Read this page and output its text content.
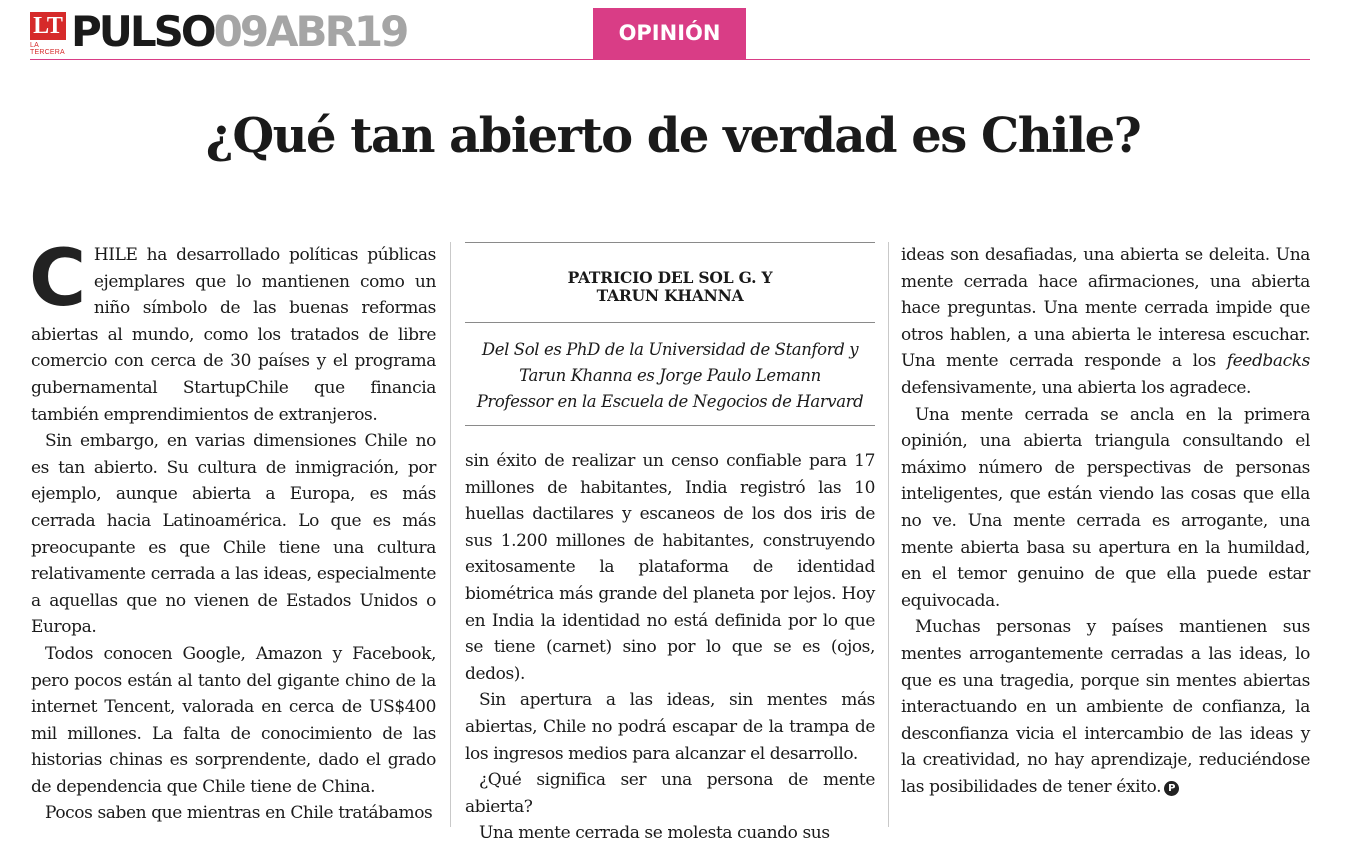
LT
LA TERCERA PULSO09ABR19	OPINIÓN
¿Qué tan abierto de verdad es Chile?

CHILE ha desarrollado políticas públicas ejemplares que lo mantienen como un niño símbolo de las buenas reformas abiertas al mundo, como los tratados de libre comercio con cerca de 30 países y el programa gubernamental StartupChile que financia también emprendimientos de extranjeros.

Sin embargo, en varias dimensiones Chile no es tan abierto. Su cultura de inmigración, por ejemplo, aunque abierta a Europa, es más cerrada hacia Latinoamérica. Lo que es más preocupante es que Chile tiene una cultura relativamente cerrada a las ideas, especialmente a aquellas que no vienen de Estados Unidos o Europa.

Todos conocen Google, Amazon y Facebook, pero pocos están al tanto del gigante chino de la internet Tencent, valorada en cerca de US$400 mil millones. La falta de conocimiento de las historias chinas es sorprendente, dado el grado de dependencia que Chile tiene de China.

Pocos saben que mientras en Chile tratábamos

PATRICIO DEL SOL G. Y
TARUN KHANNA
Del Sol es PhD de la Universidad de Stanford y
Tarun Khanna es Jorge Paulo Lemann
Professor en la Escuela de Negocios de Harvard

sin éxito de realizar un censo confiable para 17 millones de habitantes, India registró las 10 huellas dactilares y escaneos de los dos iris de sus 1.200 millones de habitantes, construyendo exitosamente la plataforma de identidad biométrica más grande del planeta por lejos. Hoy en India la identidad no está definida por lo que se tiene (carnet) sino por lo que se es (ojos, dedos).

Sin apertura a las ideas, sin mentes más abiertas, Chile no podrá escapar de la trampa de los ingresos medios para alcanzar el desarrollo.

¿Qué significa ser una persona de mente abierta?

Una mente cerrada se molesta cuando sus

ideas son desafiadas, una abierta se deleita. Una mente cerrada hace afirmaciones, una abierta hace preguntas. Una mente cerrada impide que otros hablen, a una abierta le interesa escuchar. Una mente cerrada responde a los feedbacks defensivamente, una abierta los agradece.

Una mente cerrada se ancla en la primera opinión, una abierta triangula consultando el máximo número de perspectivas de personas inteligentes, que están viendo las cosas que ella no ve. Una mente cerrada es arrogante, una mente abierta basa su apertura en la humildad, en el temor genuino de que ella puede estar equivocada.

Muchas personas y países mantienen sus mentes arrogantemente cerradas a las ideas, lo que es una tragedia, porque sin mentes abiertas interactuando en un ambiente de confianza, la desconfianza vicia el intercambio de las ideas y la creatividad, no hay aprendizaje, reduciéndose las posibilidades de tener éxito. P
